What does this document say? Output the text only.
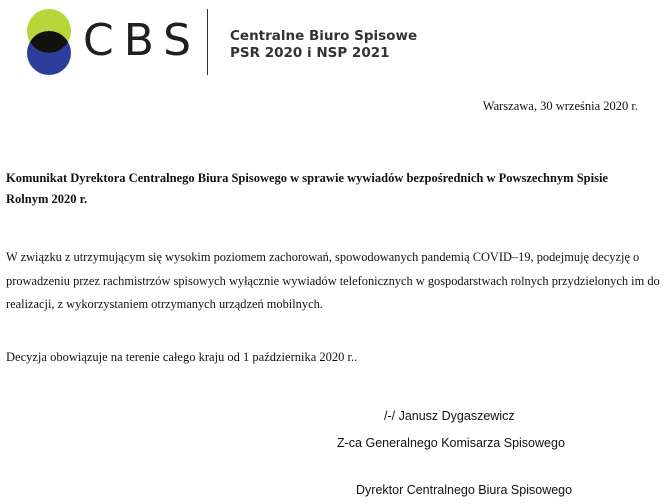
CBS Centralne Biuro Spisowe
PSR 2020 i NSP 2021
Warszawa, 30 września 2020 r.
Komunikat Dyrektora Centralnego Biura Spisowego w sprawie wywiadów bezpośrednich w Powszechnym Spisie Rolnym 2020 r.
W związku z utrzymującym się wysokim poziomem zachorowań, spowodowanych pandemią COVID–19, podejmuję decyzję o prowadzeniu przez rachmistrzów spisowych wyłącznie wywiadów telefonicznych w gospodarstwach rolnych przydzielonych im do realizacji, z wykorzystaniem otrzymanych urządzeń mobilnych.
Decyzja obowiązuje na terenie całego kraju od 1 października 2020 r..
/-/ Janusz Dygaszewicz
Z-ca Generalnego Komisarza Spisowego
Dyrektor Centralnego Biura Spisowego
